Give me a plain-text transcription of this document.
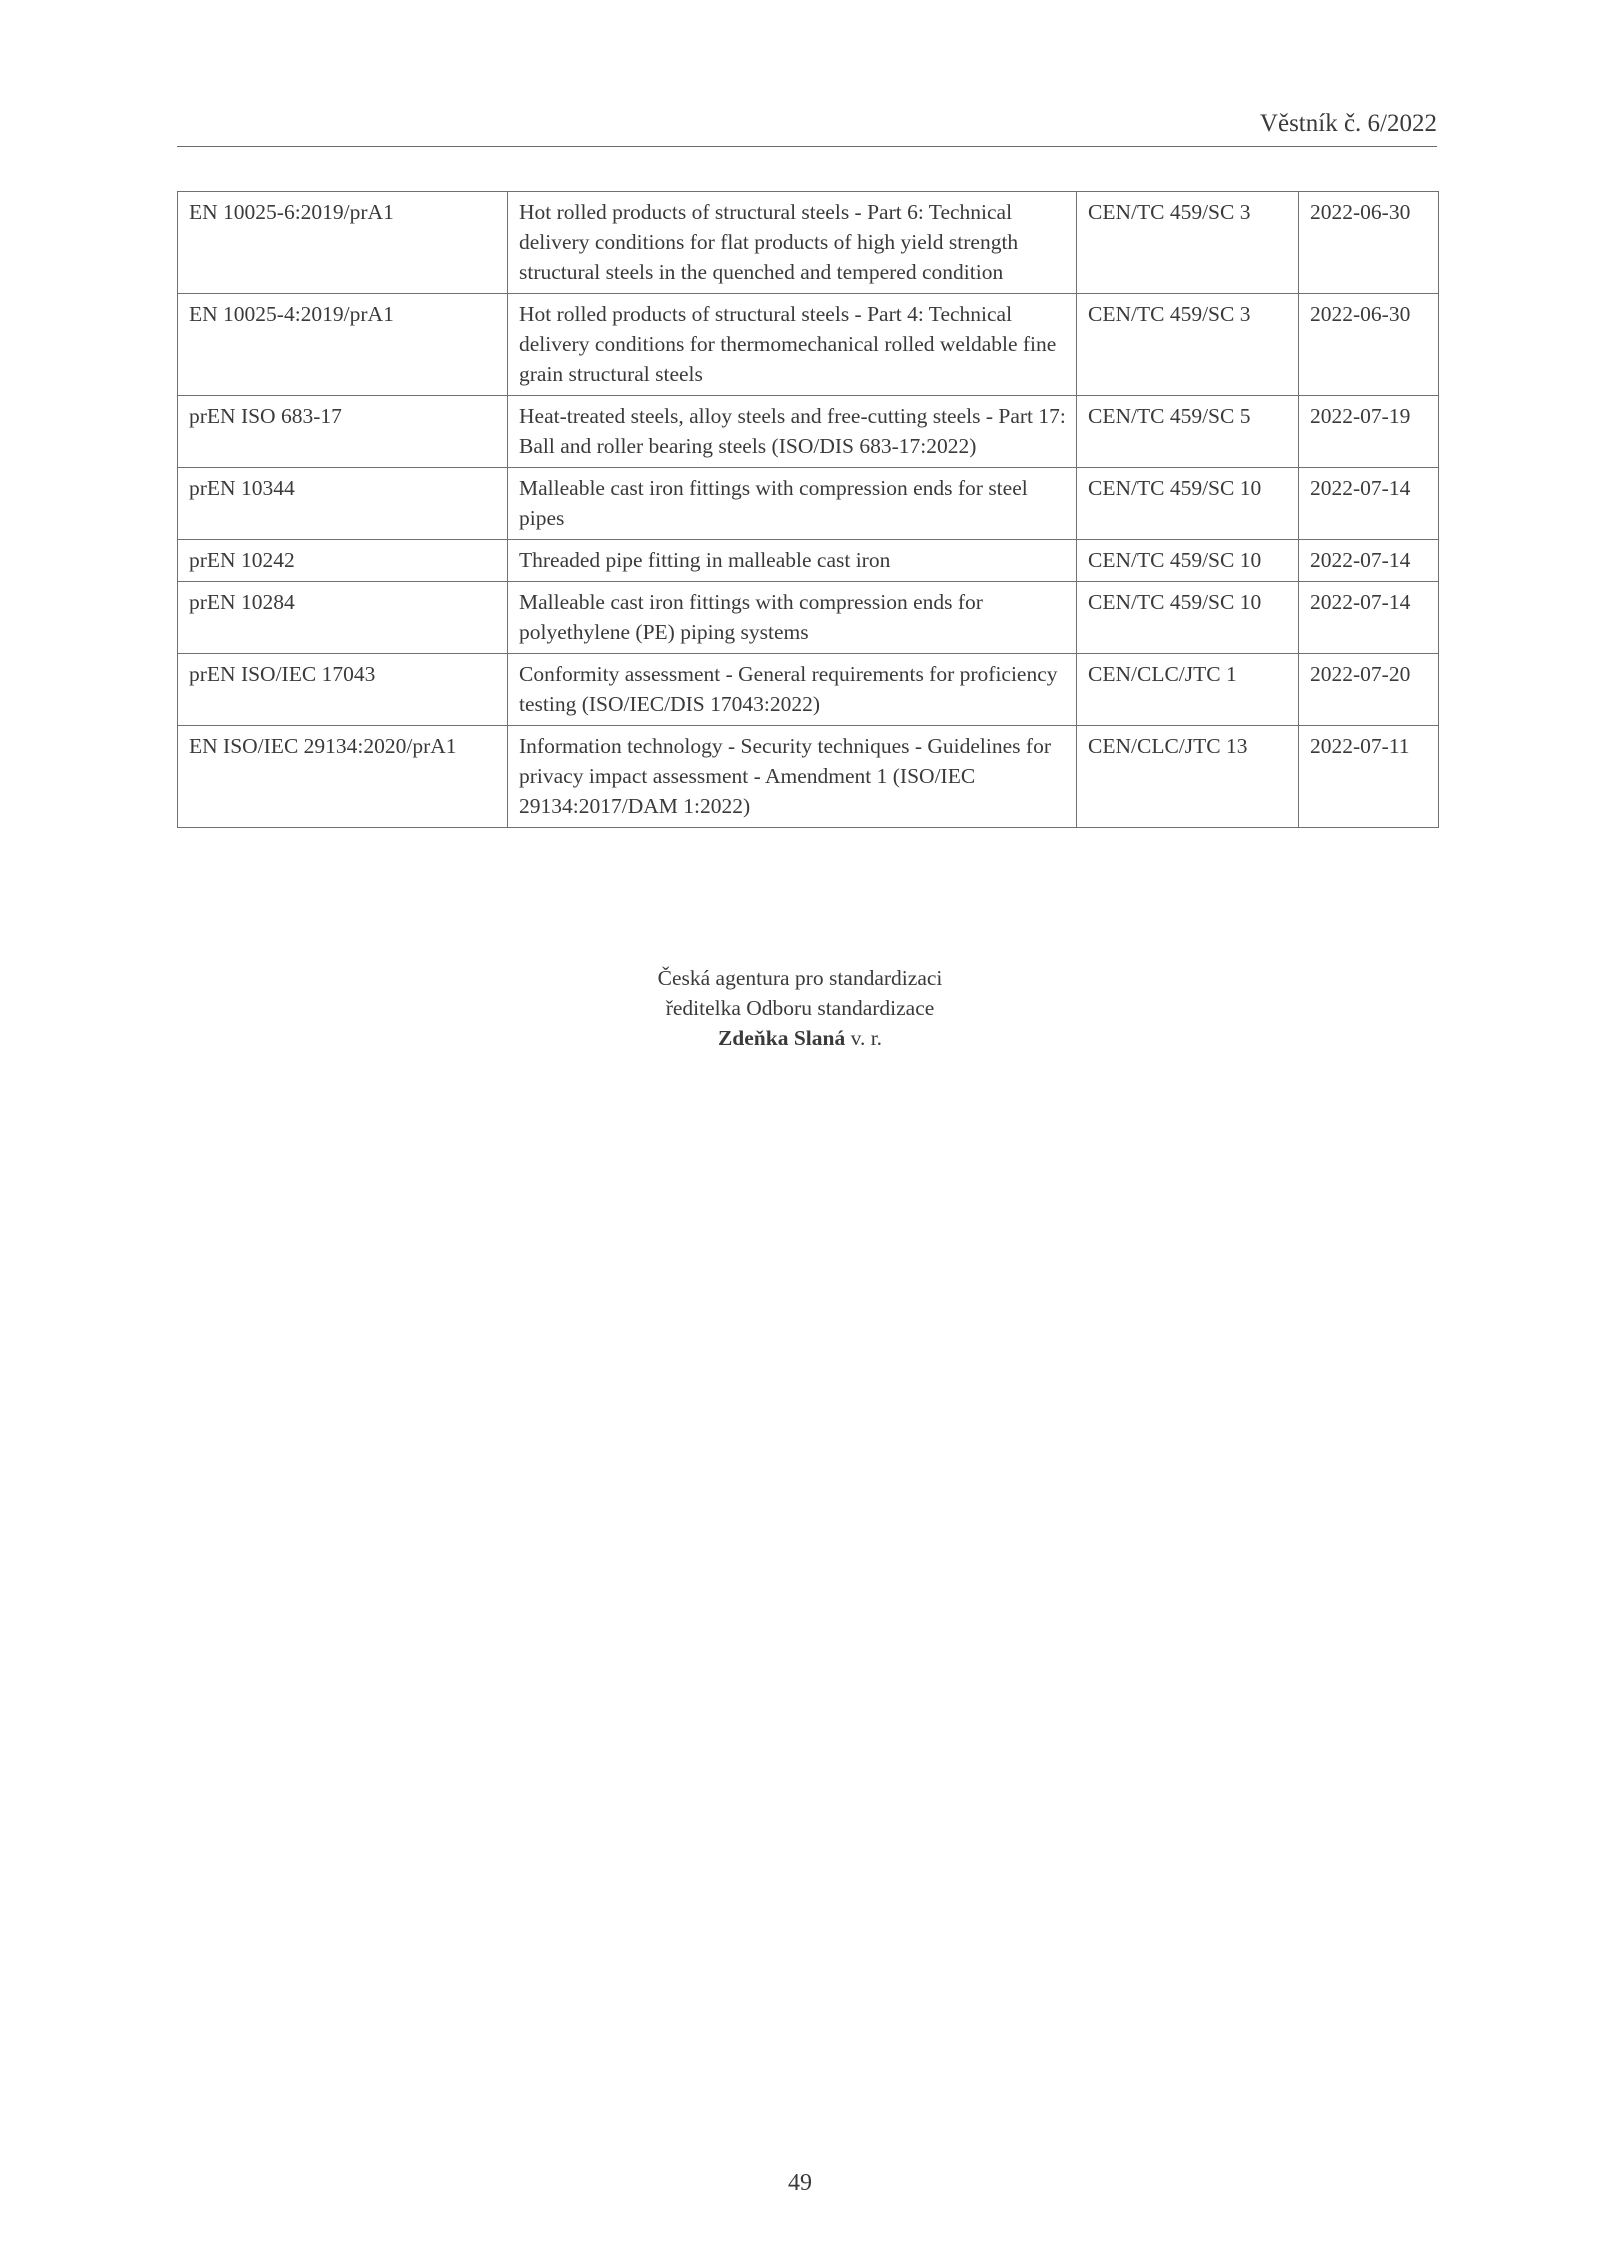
Věstník č. 6/2022
EN 10025-6:2019/prA1	Hot rolled products of structural steels - Part 6: Technical delivery conditions for flat products of high yield strength structural steels in the quenched and tempered condition	CEN/TC 459/SC 3	2022-06-30
EN 10025-4:2019/prA1	Hot rolled products of structural steels - Part 4: Technical delivery conditions for thermomechanical rolled weldable fine grain structural steels	CEN/TC 459/SC 3	2022-06-30
prEN ISO 683-17	Heat-treated steels, alloy steels and free-cutting steels - Part 17: Ball and roller bearing steels (ISO/DIS 683-17:2022)	CEN/TC 459/SC 5	2022-07-19
prEN 10344	Malleable cast iron fittings with compression ends for steel pipes	CEN/TC 459/SC 10	2022-07-14
prEN 10242	Threaded pipe fitting in malleable cast iron	CEN/TC 459/SC 10	2022-07-14
prEN 10284	Malleable cast iron fittings with compression ends for polyethylene (PE) piping systems	CEN/TC 459/SC 10	2022-07-14
prEN ISO/IEC 17043	Conformity assessment - General requirements for proficiency testing (ISO/IEC/DIS 17043:2022)	CEN/CLC/JTC 1	2022-07-20
EN ISO/IEC 29134:2020/prA1	Information technology - Security techniques - Guidelines for privacy impact assessment - Amendment 1 (ISO/IEC 29134:2017/DAM 1:2022)	CEN/CLC/JTC 13	2022-07-11
Česká agentura pro standardizaci
ředitelka Odboru standardizace
Zdeňka Slaná v. r.
49
